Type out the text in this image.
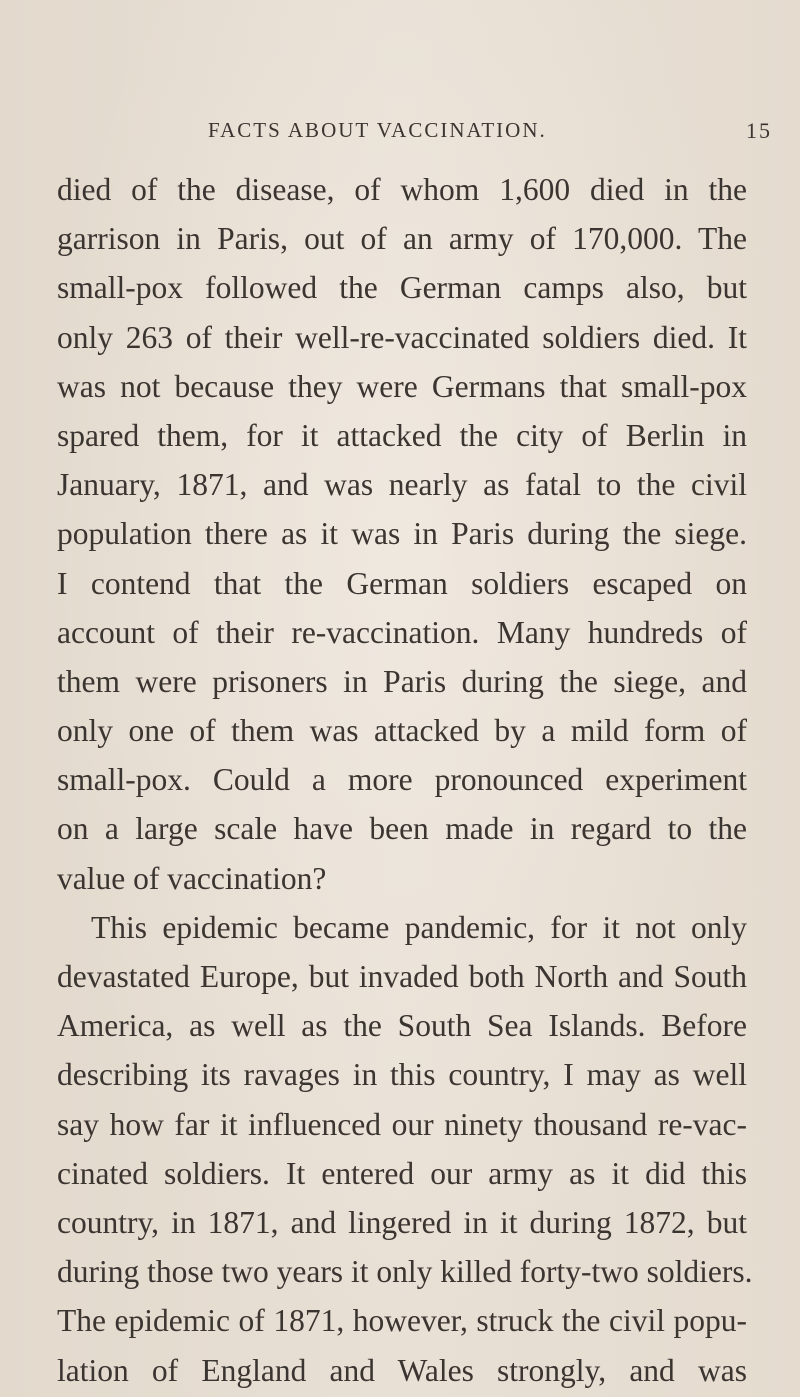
FACTS ABOUT VACCINATION.	15
died of the disease, of whom 1,600 died in the
garrison in Paris, out of an army of 170,000. The
small-pox followed the German camps also, but
only 263 of their well-re-vaccinated soldiers died. It
was not because they were Germans that small-pox
spared them, for it attacked the city of Berlin in
January, 1871, and was nearly as fatal to the civil
population there as it was in Paris during the siege.
I contend that the German soldiers escaped on
account of their re-vaccination. Many hundreds of
them were prisoners in Paris during the siege, and
only one of them was attacked by a mild form of
small-pox. Could a more pronounced experiment
on a large scale have been made in regard to the
value of vaccination?
This epidemic became pandemic, for it not only
devastated Europe, but invaded both North and South
America, as well as the South Sea Islands. Before
describing its ravages in this country, I may as well
say how far it influenced our ninety thousand re-vac-
cinated soldiers. It entered our army as it did this
country, in 1871, and lingered in it during 1872, but
during those two years it only killed forty-two soldiers.
The epidemic of 1871, however, struck the civil popu-
lation of England and Wales strongly, and was
